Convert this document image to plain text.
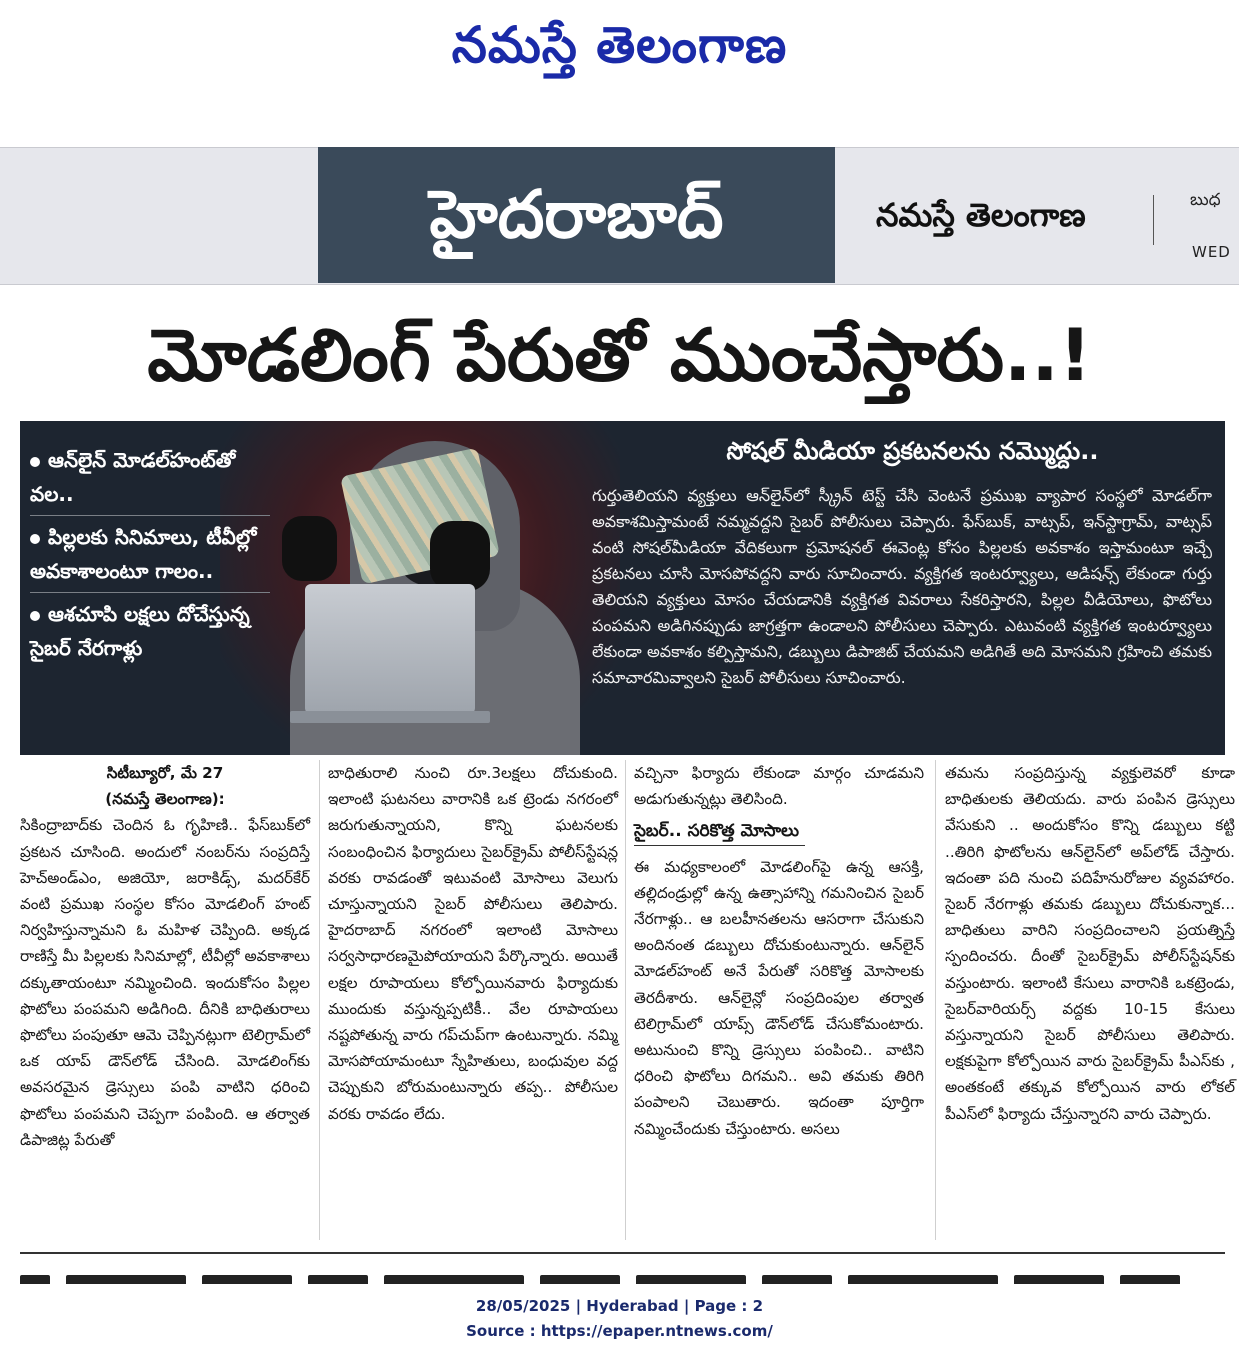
నమస్తే తెలంగాణ
హైదరాబాద్	నమస్తే తెలంగాణ	బుధ
WED
మోడలింగ్ పేరుతో ముంచేస్తారు..!
ఆన్‌లైన్ మోడల్‌హంట్‌తో వల..
పిల్లలకు సినిమాలు, టీవీల్లో అవకాశాలంటూ గాలం..
ఆశచూపి లక్షలు దోచేస్తున్న సైబర్ నేరగాళ్లు
సోషల్ మీడియా ప్రకటనలను నమ్మొద్దు..
గుర్తుతెలియని వ్యక్తులు ఆన్‌లైన్‌లో స్క్రీన్ టెస్ట్ చేసి వెంటనే ప్రముఖ వ్యాపార సంస్థలో మోడల్‌గా అవకాశమిస్తామంటే నమ్మవద్దని సైబర్ పోలీసులు చెప్పారు. ఫేస్‌బుక్, వాట్సప్, ఇన్‌స్టాగ్రామ్, వాట్సప్ వంటి సోషల్‌మీడియా వేదికలుగా ప్రమోషనల్ ఈవెంట్ల కోసం పిల్లలకు అవకాశం ఇస్తామంటూ ఇచ్చే ప్రకటనలు చూసి మోసపోవద్దని వారు సూచించారు. వ్యక్తిగత ఇంటర్వ్యూలు, ఆడిషన్స్ లేకుండా గుర్తు తెలియని వ్యక్తులు మోసం చేయడానికి వ్యక్తిగత వివరాలు సేకరిస్తారని, పిల్లల వీడియోలు, ఫొటోలు పంపమని అడిగినప్పుడు జాగ్రత్తగా ఉండాలని పోలీసులు చెప్పారు. ఎటువంటి వ్యక్తిగత ఇంటర్వ్యూలు లేకుండా అవకాశం కల్పిస్తామని, డబ్బులు డిపాజిట్ చేయమని అడిగితే అది మోసమని గ్రహించి తమకు సమాచారమివ్వాలని సైబర్ పోలీసులు సూచించారు.

సిటీబ్యూరో, మే 27

(నమస్తే తెలంగాణ):

సికింద్రాబాద్‌కు చెందిన ఓ గృహిణి.. ఫేస్‌బుక్‌లో ప్రకటన చూసింది. అందులో నంబర్‌ను సంప్రదిస్తే హెచ్‌అండ్‌ఎం, అజియో, జరాకిడ్స్, మదర్‌కేర్ వంటి ప్రముఖ సంస్థల కోసం మోడలింగ్ హంట్ నిర్వహిస్తున్నామని ఓ మహిళ చెప్పింది. అక్కడ రాణిస్తే మీ పిల్లలకు సినిమాల్లో, టీవీల్లో అవకాశాలు దక్కుతాయంటూ నమ్మించింది. ఇందుకోసం పిల్లల ఫొటోలు పంపమని అడిగింది. దీనికి బాధితురాలు ఫొటోలు పంపుతూ ఆమె చెప్పినట్లుగా టెలిగ్రామ్‌లో ఒక యాప్ డౌన్‌లోడ్ చేసింది. మోడలింగ్‌కు అవసరమైన డ్రెస్సులు పంపి వాటిని ధరించి ఫొటోలు పంపమని చెప్పగా పంపింది. ఆ తర్వాత డిపాజిట్ల పేరుతో

బాధితురాలి నుంచి రూ.3లక్షలు దోచుకుంది. ఇలాంటి ఘటనలు వారానికి ఒక ట్రెండు నగరంలో జరుగుతున్నాయని, కొన్ని ఘటనలకు సంబంధించిన ఫిర్యాదులు సైబర్‌క్రైమ్ పోలీస్‌స్టేషన్ల వరకు రావడంతో ఇటువంటి మోసాలు వెలుగు చూస్తున్నాయని సైబర్ పోలీసులు తెలిపారు. హైదరాబాద్ నగరంలో ఇలాంటి మోసాలు సర్వసాధారణమైపోయాయని పేర్కొన్నారు. అయితే లక్షల రూపాయలు కోల్పోయినవారు ఫిర్యాదుకు ముందుకు వస్తున్నప్పటికీ.. వేల రూపాయలు నష్టపోతున్న వారు గప్‌చుప్‌గా ఉంటున్నారు. నమ్మి మోసపోయామంటూ స్నేహితులు, బంధువుల వద్ద చెప్పుకుని బోరుమంటున్నారు తప్ప.. పోలీసుల వరకు రావడం లేదు.

వచ్చినా ఫిర్యాదు లేకుండా మార్గం చూడమని అడుగుతున్నట్లు తెలిసింది.

సైబర్.. సరికొత్త మోసాలు

ఈ మధ్యకాలంలో మోడలింగ్‌పై ఉన్న ఆసక్తి, తల్లిదండ్రుల్లో ఉన్న ఉత్సాహాన్ని గమనించిన సైబర్ నేరగాళ్లు.. ఆ బలహీనతలను ఆసరాగా చేసుకుని అందినంత డబ్బులు దోచుకుంటున్నారు. ఆన్‌లైన్ మోడల్‌హంట్ అనే పేరుతో సరికొత్త మోసాలకు తెరదీశారు. ఆన్‌లైన్లో సంప్రదింపుల తర్వాత టెలిగ్రామ్‌లో యాప్స్ డౌన్‌లోడ్ చేసుకోమంటారు. అటునుంచి కొన్ని డ్రెస్సులు పంపించి.. వాటిని ధరించి ఫొటోలు దిగమని.. అవి తమకు తిరిగి పంపాలని చెబుతారు. ఇదంతా పూర్తిగా నమ్మించేందుకు చేస్తుంటారు. అసలు

తమను సంప్రదిస్తున్న వ్యక్తులెవరో కూడా బాధితులకు తెలియదు. వారు పంపిన డ్రెస్సులు వేసుకుని .. అందుకోసం కొన్ని డబ్బులు కట్టి ..తిరిగి ఫొటోలను ఆన్‌లైన్‌లో అప్‌లోడ్ చేస్తారు. ఇదంతా పది నుంచి పదిహేనురోజుల వ్యవహారం. సైబర్ నేరగాళ్లు తమకు డబ్బులు దోచుకున్నాక... బాధితులు వారిని సంప్రదించాలని ప్రయత్నిస్తే స్పందించరు. దీంతో సైబర్‌క్రైమ్ పోలీస్‌స్టేషన్‌కు వస్తుంటారు. ఇలాంటి కేసులు వారానికి ఒకట్రెండు, సైబర్‌వారియర్స్ వద్దకు 10-15 కేసులు వస్తున్నాయని సైబర్ పోలీసులు తెలిపారు. లక్షకుపైగా కోల్పోయిన వారు సైబర్‌క్రైమ్ పీఎస్‌కు , అంతకంటే తక్కువ కోల్పోయిన వారు లోకల్ పీఎస్‌లో ఫిర్యాదు చేస్తున్నారని వారు చెప్పారు.

28/05/2025 | Hyderabad | Page : 2
Source : https://epaper.ntnews.com/
